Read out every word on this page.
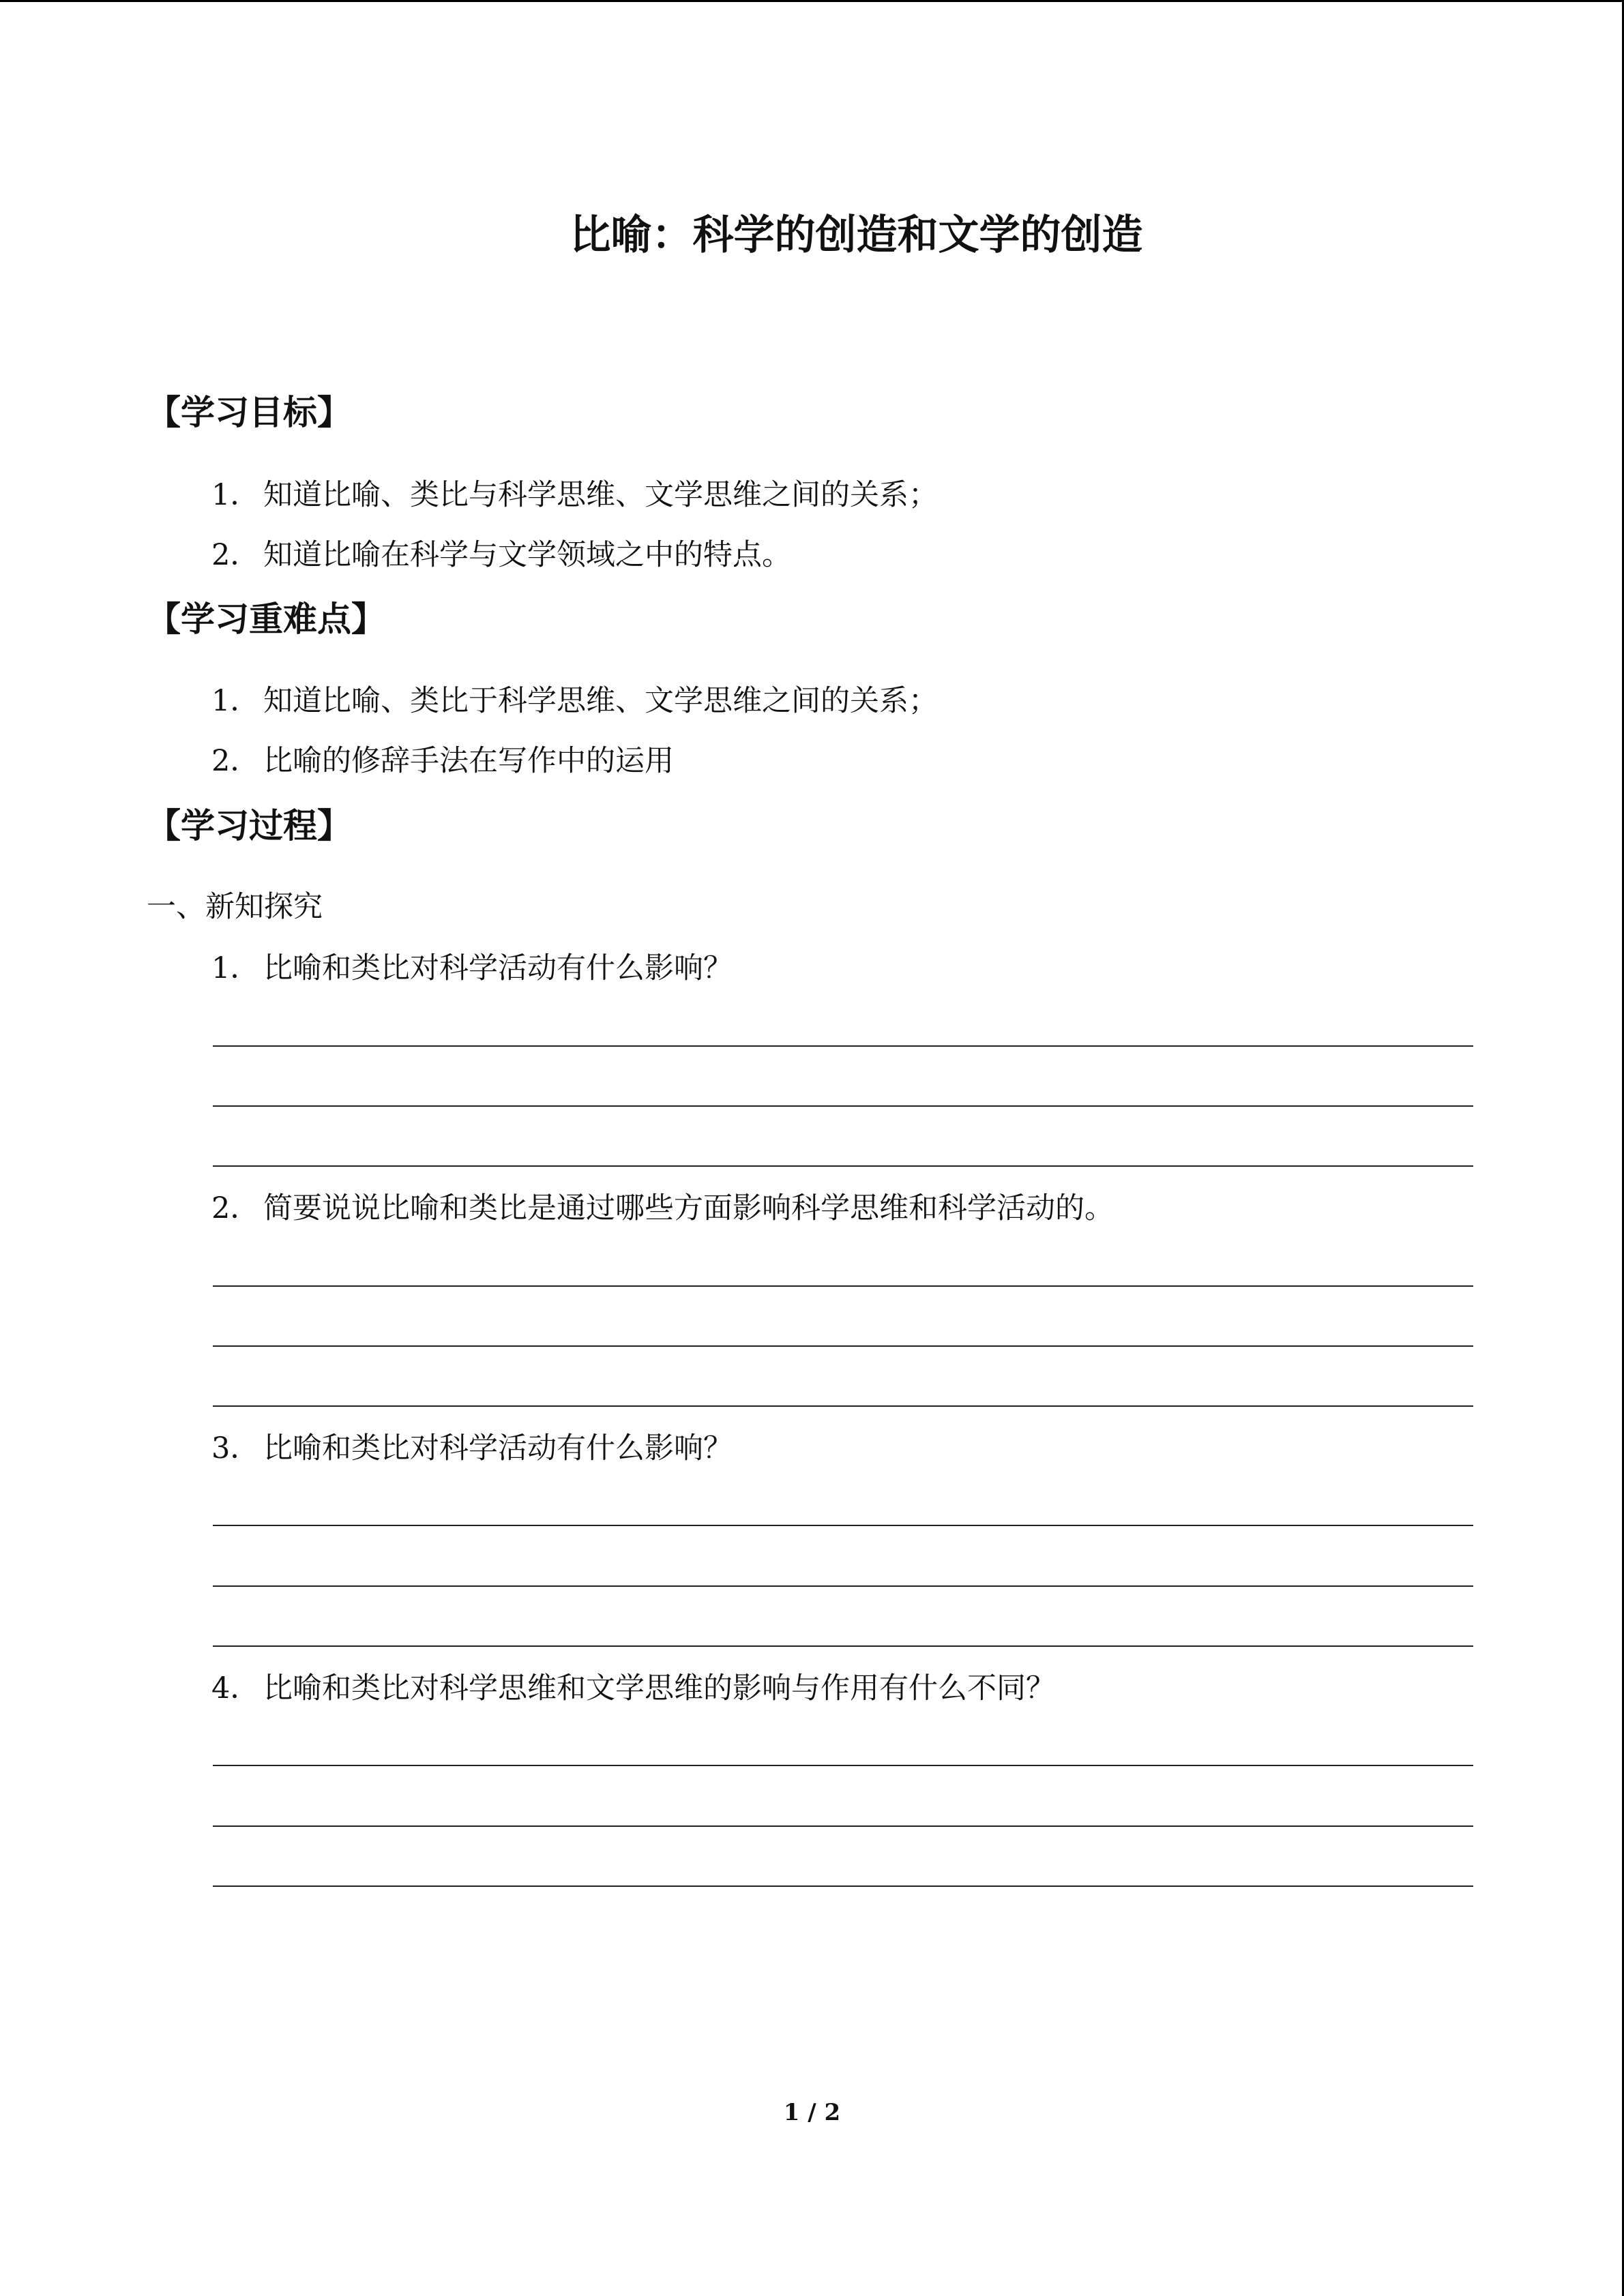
比喻：科学的创造和文学的创造
【学习目标】

1． 知道比喻、类比与科学思维、文学思维之间的关系；

2． 知道比喻在科学与文学领域之中的特点。

【学习重难点】

1． 知道比喻、类比于科学思维、文学思维之间的关系；

2． 比喻的修辞手法在写作中的运用

【学习过程】

一、新知探究

1． 比喻和类比对科学活动有什么影响？

2． 简要说说比喻和类比是通过哪些方面影响科学思维和科学活动的。

3． 比喻和类比对科学活动有什么影响？

4． 比喻和类比对科学思维和文学思维的影响与作用有什么不同？

1 / 2
